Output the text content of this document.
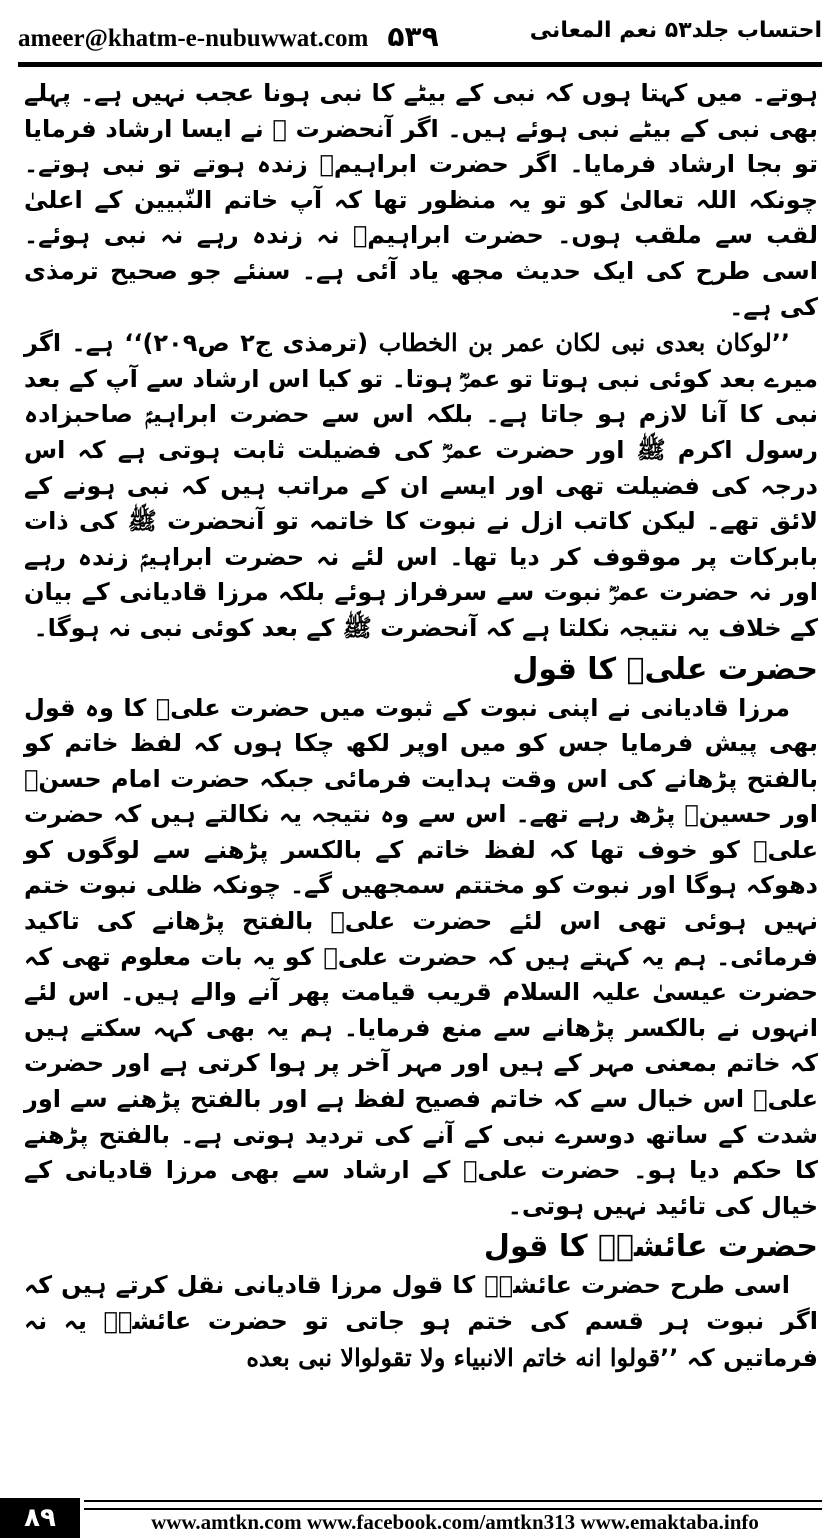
ameer@khatm-e-nubuwwat.com ۵۳۹	احتساب جلد۵۳ نعم المعانی

ہوتے۔ میں کہتا ہوں کہ نبی کے بیٹے کا نبی ہونا عجب نہیں ہے۔ پہلے بھی نبی کے بیٹے نبی ہوئے ہیں۔ اگر آنحضرت ﷺ نے ایسا ارشاد فرمایا تو بجا ارشاد فرمایا۔ اگر حضرت ابراہیمؑ زندہ ہوتے تو نبی ہوتے۔ چونکہ اللہ تعالیٰ کو تو یہ منظور تھا کہ آپ خاتم النّبیین کے اعلیٰ لقب سے ملقب ہوں۔ حضرت ابراہیمؑ نہ زندہ رہے نہ نبی ہوئے۔ اسی طرح کی ایک حدیث مجھ یاد آئی ہے۔ سنئے جو صحیح ترمذی کی ہے۔

’’لوكان بعدی نبی لكان عمر بن الخطاب (ترمذی ج۲ ص۲۰۹)‘‘ ہے۔ اگر میرے بعد کوئی نبی ہوتا تو عمرؓ ہوتا۔ تو کیا اس ارشاد سے آپ کے بعد نبی کا آنا لازم ہو جاتا ہے۔ بلکہ اس سے حضرت ابراہیمؑ صاحبزادہ رسول اکرم ﷺ اور حضرت عمرؓ کی فضیلت ثابت ہوتی ہے کہ اس درجہ کی فضیلت تھی اور ایسے ان کے مراتب ہیں کہ نبی ہونے کے لائق تھے۔ لیکن کاتب ازل نے نبوت کا خاتمہ تو آنحضرت ﷺ کی ذات بابرکات پر موقوف کر دیا تھا۔ اس لئے نہ حضرت ابراہیمؑ زندہ رہے اور نہ حضرت عمرؓ نبوت سے سرفراز ہوئے بلکہ مرزا قادیانی کے بیان کے خلاف یہ نتیجہ نکلتا ہے کہ آنحضرت ﷺ کے بعد کوئی نبی نہ ہوگا۔

حضرت علیؓ کا قول

مرزا قادیانی نے اپنی نبوت کے ثبوت میں حضرت علیؓ کا وہ قول بھی پیش فرمایا جس کو میں اوپر لکھ چکا ہوں کہ لفظ خاتم کو بالفتح پڑھانے کی اس وقت ہدایت فرمائی جبکہ حضرت امام حسنؓ اور حسینؓ پڑھ رہے تھے۔ اس سے وہ نتیجہ یہ نکالتے ہیں کہ حضرت علیؓ کو خوف تھا کہ لفظ خاتم کے بالکسر پڑھنے سے لوگوں کو دھوکہ ہوگا اور نبوت کو مختتم سمجھیں گے۔ چونکہ ظلی نبوت ختم نہیں ہوئی تھی اس لئے حضرت علیؓ بالفتح پڑھانے کی تاکید فرمائی۔ ہم یہ کہتے ہیں کہ حضرت علیؓ کو یہ بات معلوم تھی کہ حضرت عیسیٰ علیہ السلام قریب قیامت پھر آنے والے ہیں۔ اس لئے انہوں نے بالکسر پڑھانے سے منع فرمایا۔ ہم یہ بھی کہہ سکتے ہیں کہ خاتم بمعنی مہر کے ہیں اور مہر آخر پر ہوا کرتی ہے اور حضرت علیؓ اس خیال سے کہ خاتم فصیح لفظ ہے اور بالفتح پڑھنے سے اور شدت کے ساتھ دوسرے نبی کے آنے کی تردید ہوتی ہے۔ بالفتح پڑھنے کا حکم دیا ہو۔ حضرت علیؓ کے ارشاد سے بھی مرزا قادیانی کے خیال کی تائید نہیں ہوتی۔

حضرت عائشہؓ کا قول

اسی طرح حضرت عائشہؓ کا قول مرزا قادیانی نقل کرتے ہیں کہ اگر نبوت ہر قسم کی ختم ہو جاتی تو حضرت عائشہؓ یہ نہ فرماتیں کہ ’’قولوا انه خاتم الانبياء ولا تقولوالا نبی بعده

۸۹	www.amtkn.com www.facebook.com/amtkn313 www.emaktaba.info
